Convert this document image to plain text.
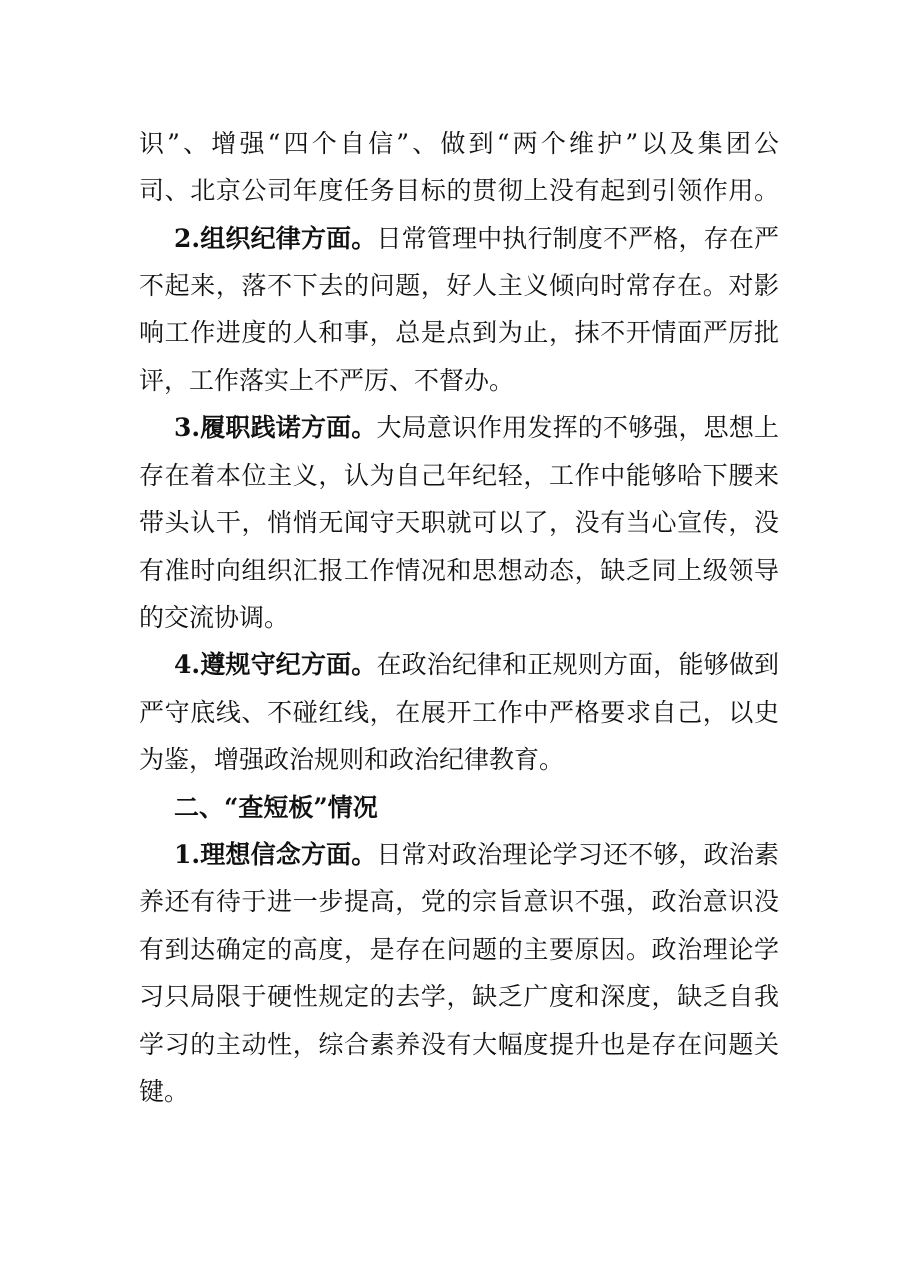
识”、增强“四个自信”、做到“两个维护”以及集团公
司、北京公司年度任务目标的贯彻上没有起到引领作用。
2.组织纪律方面。日常管理中执行制度不严格，存在严
不起来，落不下去的问题，好人主义倾向时常存在。对影
响工作进度的人和事，总是点到为止，抹不开情面严厉批
评，工作落实上不严厉、不督办。
3.履职践诺方面。大局意识作用发挥的不够强，思想上
存在着本位主义，认为自己年纪轻，工作中能够哈下腰来
带头认干，悄悄无闻守天职就可以了，没有当心宣传，没
有准时向组织汇报工作情况和思想动态，缺乏同上级领导
的交流协调。
4.遵规守纪方面。在政治纪律和正规则方面，能够做到
严守底线、不碰红线，在展开工作中严格要求自己，以史
为鉴，增强政治规则和政治纪律教育。
二、“查短板”情况
1.理想信念方面。日常对政治理论学习还不够，政治素
养还有待于进一步提高，党的宗旨意识不强，政治意识没
有到达确定的高度，是存在问题的主要原因。政治理论学
习只局限于硬性规定的去学，缺乏广度和深度，缺乏自我
学习的主动性，综合素养没有大幅度提升也是存在问题关
键。
